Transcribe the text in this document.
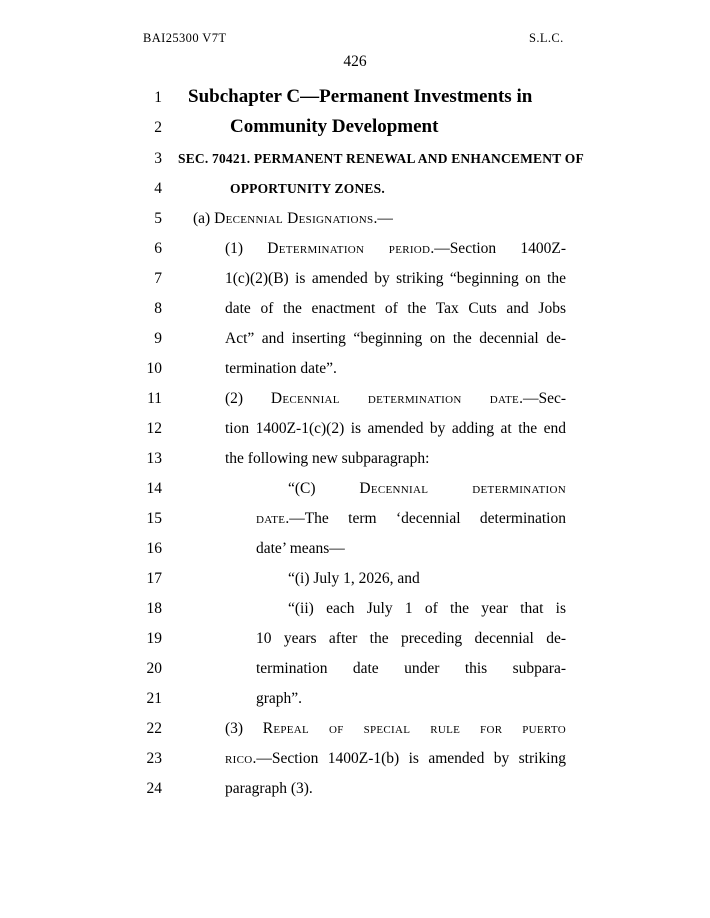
BAI25300 V7T	S.L.C.
426
1 Subchapter C—Permanent Investments in
2	Community Development
3 SEC. 70421. PERMANENT RENEWAL AND ENHANCEMENT OF
4	OPPORTUNITY ZONES.
5 (a) Decennial Designations.—
6	(1) Determination period.—Section 1400Z-
7	1(c)(2)(B) is amended by striking “beginning on the
8	date of the enactment of the Tax Cuts and Jobs
9	Act” and inserting “beginning on the decennial de-
10	termination date”.
11	(2) Decennial determination date.—Sec-
12	tion 1400Z-1(c)(2) is amended by adding at the end
13	the following new subparagraph:
14	“(C) Decennial determination
15	date.—The term ‘decennial determination
16	date’ means—
17	“(i) July 1, 2026, and
18	“(ii) each July 1 of the year that is
19	10 years after the preceding decennial de-
20	termination date under this subpara-
21	graph”.
22	(3) Repeal of special rule for puerto
23	rico.—Section 1400Z-1(b) is amended by striking
24	paragraph (3).
